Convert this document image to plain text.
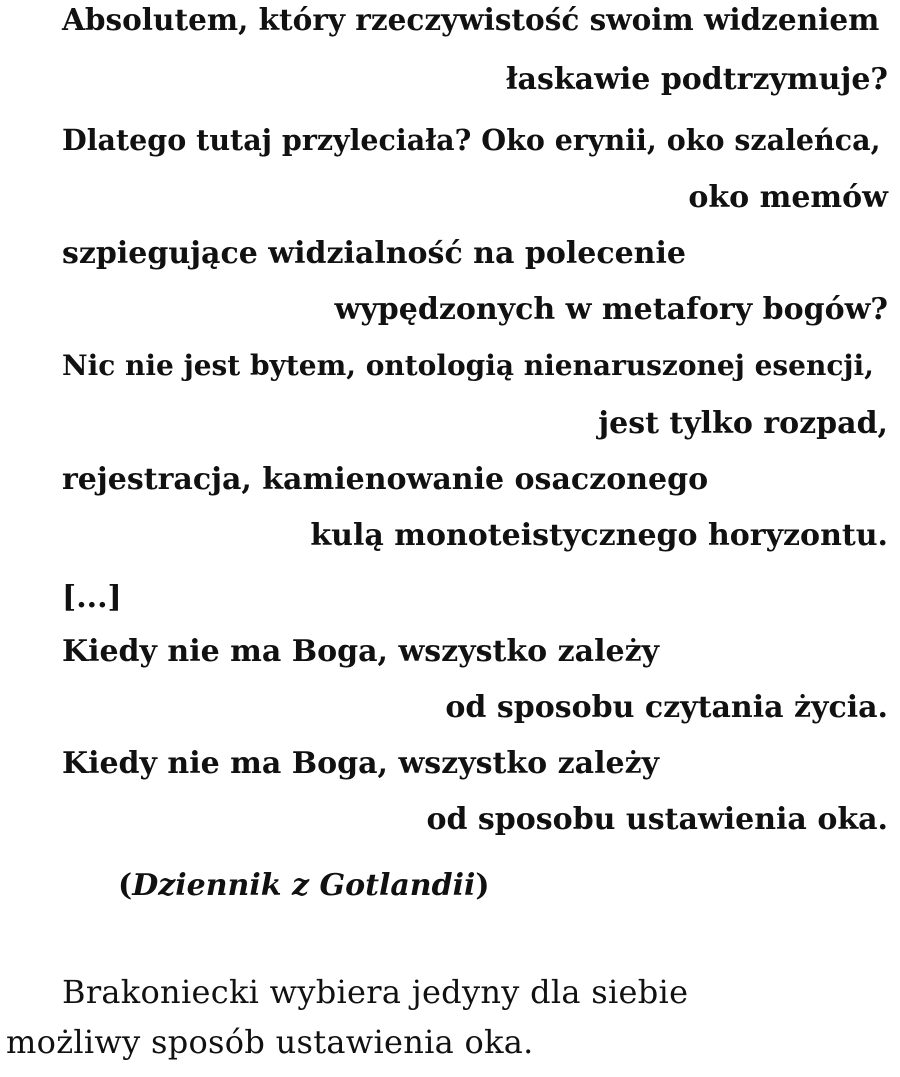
Absolutem, który rzeczywistość swoim widzeniem
łaskawie podtrzymuje?
Dlatego tutaj przyleciała? Oko erynii, oko szaleńca,
oko memów
szpiegujące widzialność na polecenie
wypędzonych w metafory bogów?
Nic nie jest bytem, ontologią nienaruszonej esencji,
jest tylko rozpad,
rejestracja, kamienowanie osaczonego
kulą monoteistycznego horyzontu.
[...]
Kiedy nie ma Boga, wszystko zależy
od sposobu czytania życia.
Kiedy nie ma Boga, wszystko zależy
od sposobu ustawienia oka.
(Dziennik z Gotlandii)
Brakoniecki wybiera jedyny dla siebie
możliwy sposób ustawienia oka.
